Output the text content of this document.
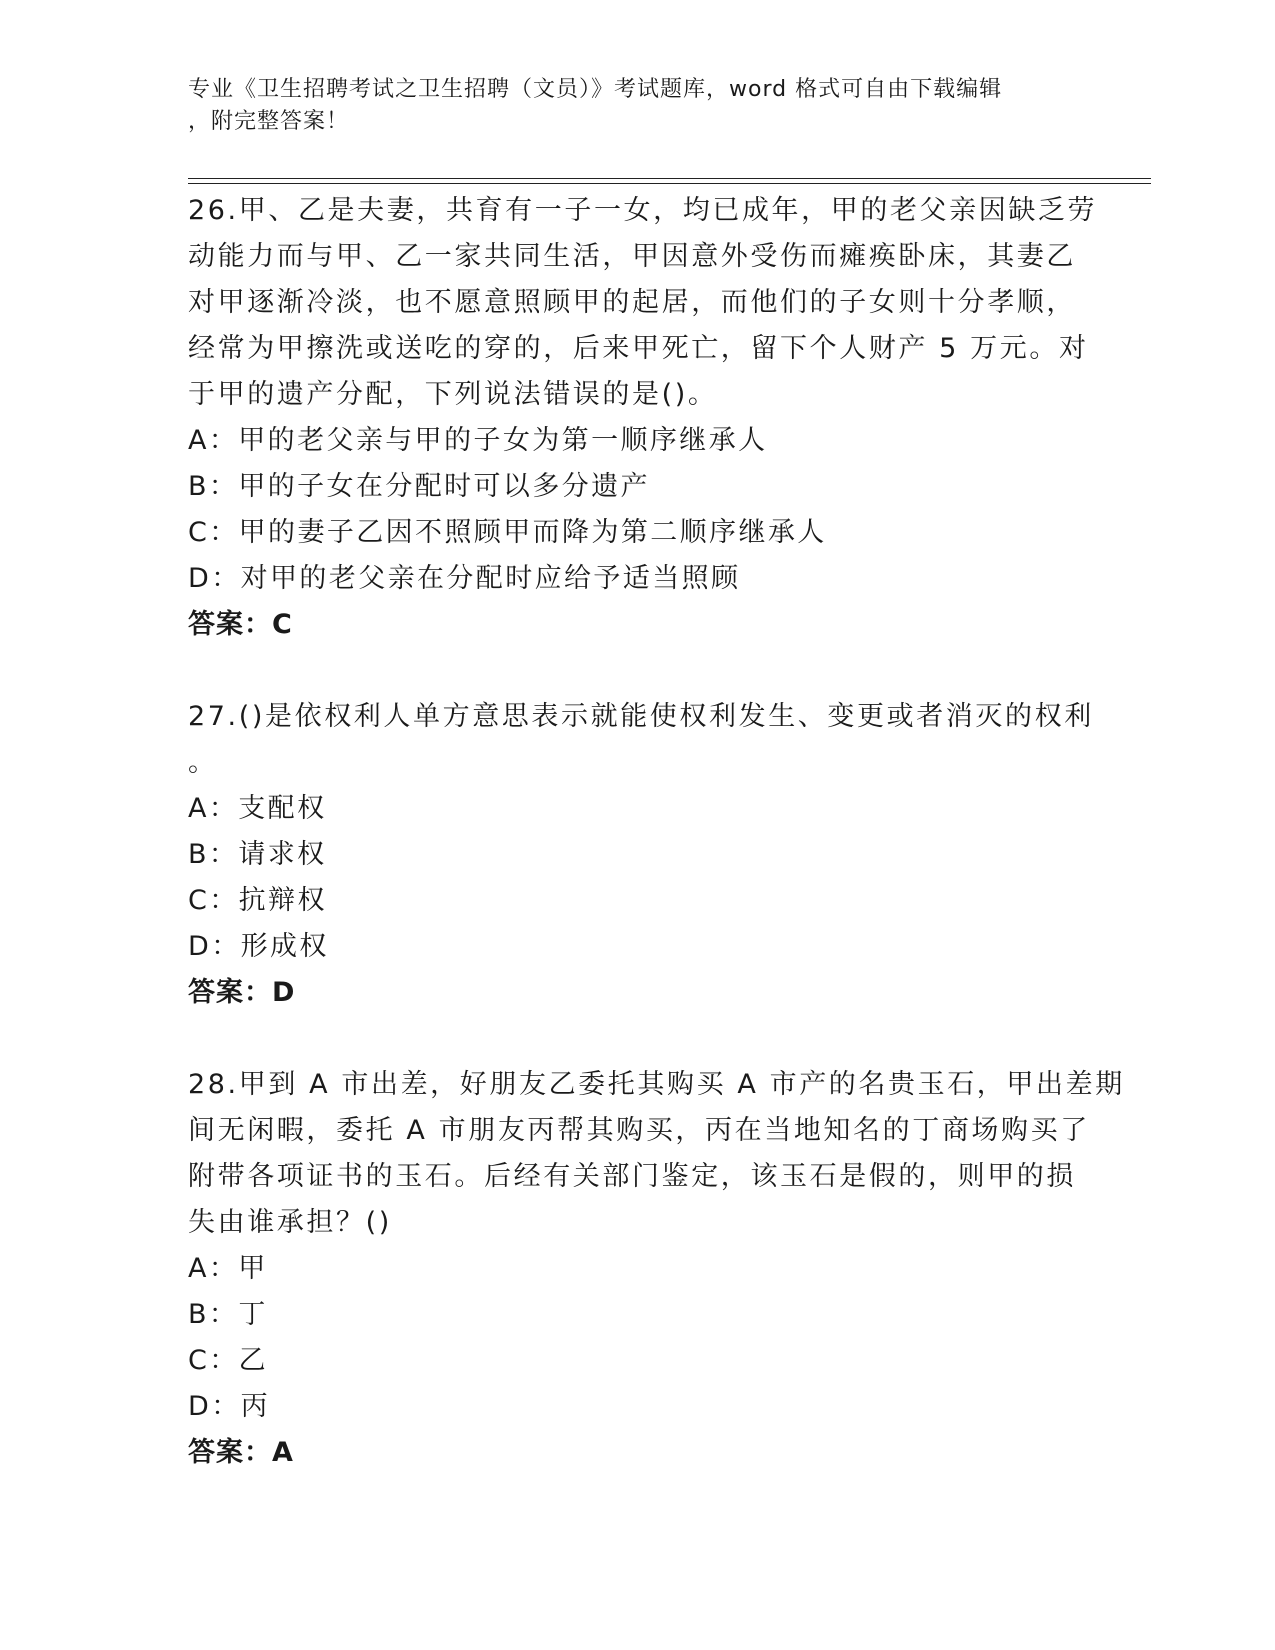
专业《卫生招聘考试之卫生招聘（文员）》考试题库，word 格式可自由下载编辑
，附完整答案！
26.甲、乙是夫妻，共育有一子一女，均已成年，甲的老父亲因缺乏劳
动能力而与甲、乙一家共同生活，甲因意外受伤而瘫痪卧床，其妻乙
对甲逐渐冷淡，也不愿意照顾甲的起居，而他们的子女则十分孝顺，
经常为甲擦洗或送吃的穿的，后来甲死亡，留下个人财产 5 万元。对
于甲的遗产分配，下列说法错误的是()。
A：甲的老父亲与甲的子女为第一顺序继承人
B：甲的子女在分配时可以多分遗产
C：甲的妻子乙因不照顾甲而降为第二顺序继承人
D：对甲的老父亲在分配时应给予适当照顾
答案：C
27.()是依权利人单方意思表示就能使权利发生、变更或者消灭的权利
。
A：支配权
B：请求权
C：抗辩权
D：形成权
答案：D
28.甲到 A 市出差，好朋友乙委托其购买 A 市产的名贵玉石，甲出差期
间无闲暇，委托 A 市朋友丙帮其购买，丙在当地知名的丁商场购买了
附带各项证书的玉石。后经有关部门鉴定，该玉石是假的，则甲的损
失由谁承担？()
A：甲
B：丁
C：乙
D：丙
答案：A
